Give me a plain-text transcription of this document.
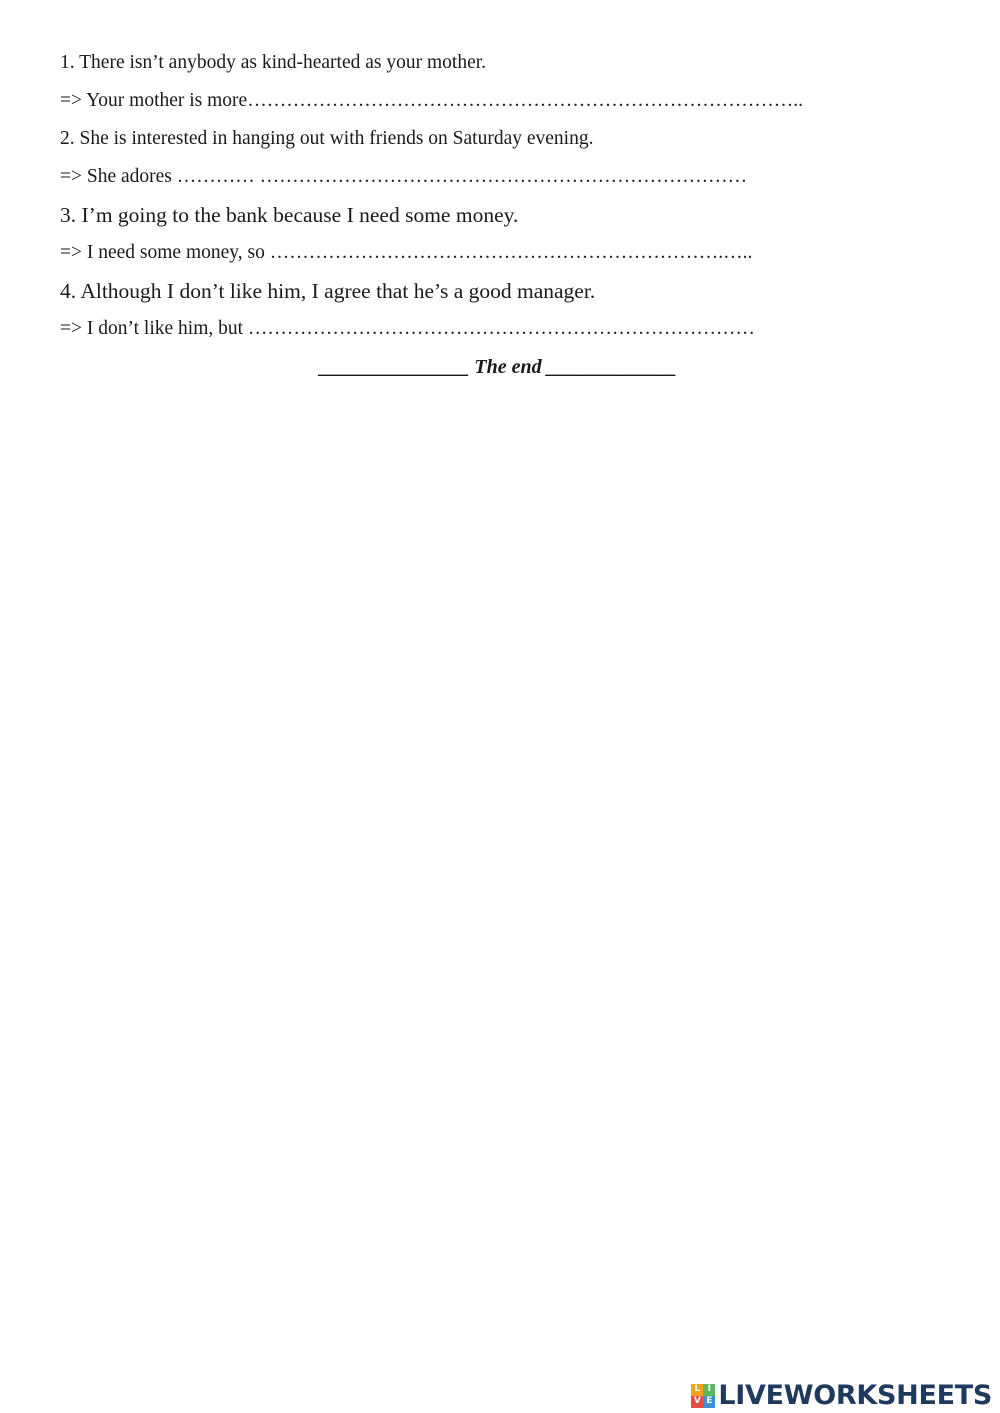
1. There isn’t anybody as kind-hearted as your mother.
=> Your mother is more…………………………………………………………………………..
2. She is interested in hanging out with friends on Saturday evening.
=> She adores ………… …………………………………………………………………
3. I’m going to the bank because I need some money.
=> I need some money, so …………………………………………………………….…..
4. Although I don’t like him, I agree that he’s a good manager.
=> I don’t like him, but ……………………………………………………………………
_______________ The end _____________
L I
V E LIVEWORKSHEETS
